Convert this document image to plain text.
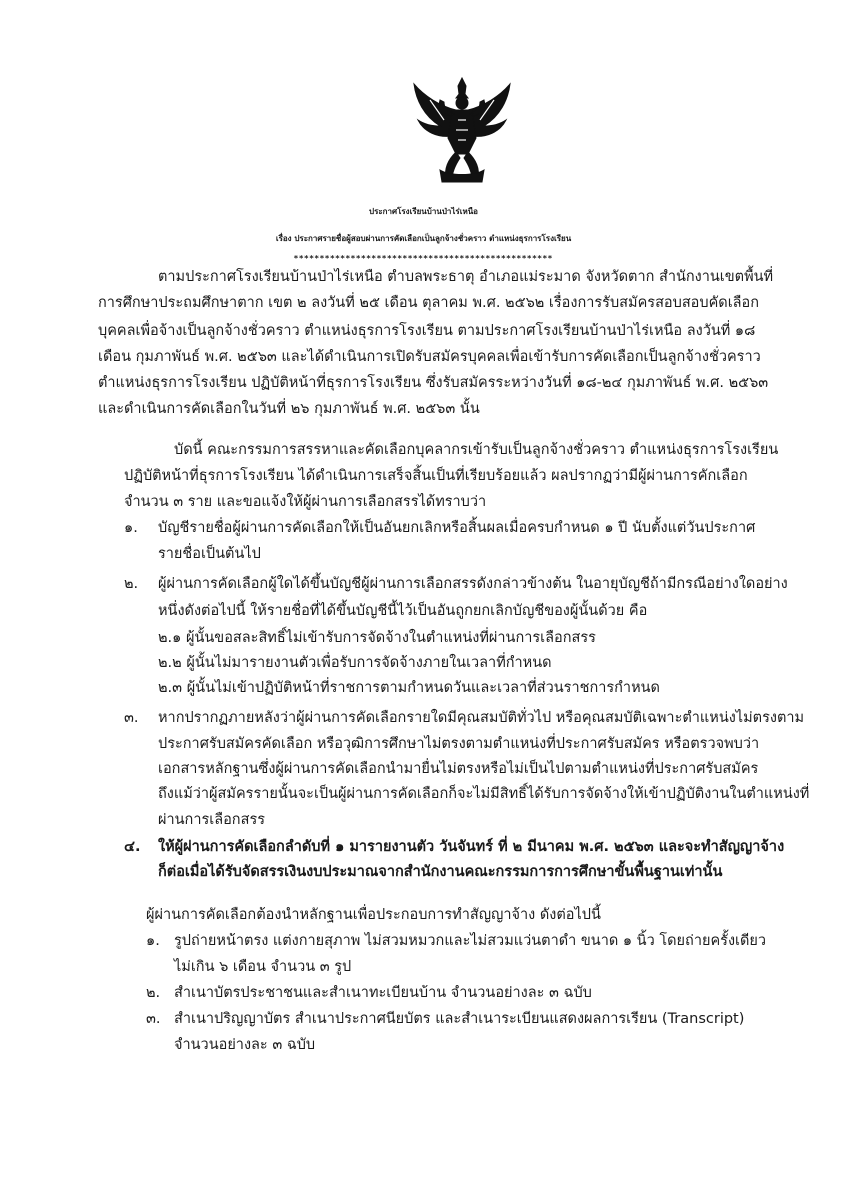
ประกาศโรงเรียนบ้านป่าไร่เหนือ
เรื่อง ประกาศรายชื่อผู้สอบผ่านการคัดเลือกเป็นลูกจ้างชั่วคราว ตำแหน่งธุรการโรงเรียน
**************************************************
ตามประกาศโรงเรียนบ้านป่าไร่เหนือ ตำบลพระธาตุ อำเภอแม่ระมาด จังหวัดตาก สำนักงานเขตพื้นที่
การศึกษาประถมศึกษาตาก เขต ๒ ลงวันที่ ๒๕ เดือน ตุลาคม พ.ศ. ๒๕๖๒ เรื่องการรับสมัครสอบสอบคัดเลือก
บุคคลเพื่อจ้างเป็นลูกจ้างชั่วคราว ตำแหน่งธุรการโรงเรียน ตามประกาศโรงเรียนบ้านป่าไร่เหนือ ลงวันที่ ๑๘
เดือน กุมภาพันธ์ พ.ศ. ๒๕๖๓ และได้ดำเนินการเปิดรับสมัครบุคคลเพื่อเข้ารับการคัดเลือกเป็นลูกจ้างชั่วคราว
ตำแหน่งธุรการโรงเรียน ปฏิบัติหน้าที่ธุรการโรงเรียน ซึ่งรับสมัครระหว่างวันที่ ๑๘-๒๔ กุมภาพันธ์ พ.ศ. ๒๕๖๓
และดำเนินการคัดเลือกในวันที่ ๒๖ กุมภาพันธ์ พ.ศ. ๒๕๖๓ นั้น
บัดนี้ คณะกรรมการสรรหาและคัดเลือกบุคลากรเข้ารับเป็นลูกจ้างชั่วคราว ตำแหน่งธุรการโรงเรียน
ปฏิบัติหน้าที่ธุรการโรงเรียน ได้ดำเนินการเสร็จสิ้นเป็นที่เรียบร้อยแล้ว ผลปรากฏว่ามีผู้ผ่านการคักเลือก
จำนวน ๓ ราย และขอแจ้งให้ผู้ผ่านการเลือกสรรได้ทราบว่า
๑. บัญชีรายชื่อผู้ผ่านการคัดเลือกให้เป็นอันยกเลิกหรือสิ้นผลเมื่อครบกำหนด ๑ ปี นับตั้งแต่วันประกาศ
รายชื่อเป็นต้นไป
๒. ผู้ผ่านการคัดเลือกผู้ใดได้ขึ้นบัญชีผู้ผ่านการเลือกสรรดังกล่าวข้างต้น ในอายุบัญชีถ้ามีกรณีอย่างใดอย่าง
หนึ่งดังต่อไปนี้ ให้รายชื่อที่ได้ขึ้นบัญชีนี้ไว้เป็นอันถูกยกเลิกบัญชีของผู้นั้นด้วย คือ
๒.๑ ผู้นั้นขอสละสิทธิ์ไม่เข้ารับการจัดจ้างในตำแหน่งที่ผ่านการเลือกสรร
๒.๒ ผู้นั้นไม่มารายงานตัวเพื่อรับการจัดจ้างภายในเวลาที่กำหนด
๒.๓ ผู้นั้นไม่เข้าปฏิบัติหน้าที่ราชการตามกำหนดวันและเวลาที่ส่วนราชการกำหนด
๓. หากปรากฏภายหลังว่าผู้ผ่านการคัดเลือกรายใดมีคุณสมบัติทั่วไป หรือคุณสมบัติเฉพาะตำแหน่งไม่ตรงตาม
ประกาศรับสมัครคัดเลือก หรือวุฒิการศึกษาไม่ตรงตามตำแหน่งที่ประกาศรับสมัคร หรือตรวจพบว่า
เอกสารหลักฐานซึ่งผู้ผ่านการคัดเลือกนำมายื่นไม่ตรงหรือไม่เป็นไปตามตำแหน่งที่ประกาศรับสมัคร
ถึงแม้ว่าผู้สมัครรายนั้นจะเป็นผู้ผ่านการคัดเลือกก็จะไม่มีสิทธิ์ได้รับการจัดจ้างให้เข้าปฏิบัติงานในตำแหน่งที่
ผ่านการเลือกสรร
๔. ให้ผู้ผ่านการคัดเลือกลำดับที่ ๑ มารายงานตัว วันจันทร์ ที่ ๒ มีนาคม พ.ศ. ๒๕๖๓ และจะทำสัญญาจ้าง
ก็ต่อเมื่อได้รับจัดสรรเงินงบประมาณจากสำนักงานคณะกรรมการการศึกษาขั้นพื้นฐานเท่านั้น
ผู้ผ่านการคัดเลือกต้องนำหลักฐานเพื่อประกอบการทำสัญญาจ้าง ดังต่อไปนี้
๑. รูปถ่ายหน้าตรง แต่งกายสุภาพ ไม่สวมหมวกและไม่สวมแว่นตาดำ ขนาด ๑ นิ้ว โดยถ่ายครั้งเดียว
ไม่เกิน ๖ เดือน จำนวน ๓ รูป
๒. สำเนาบัตรประชาชนและสำเนาทะเบียนบ้าน จำนวนอย่างละ ๓ ฉบับ
๓. สำเนาปริญญาบัตร สำเนาประกาศนียบัตร และสำเนาระเบียนแสดงผลการเรียน (Transcript)
จำนวนอย่างละ ๓ ฉบับ
